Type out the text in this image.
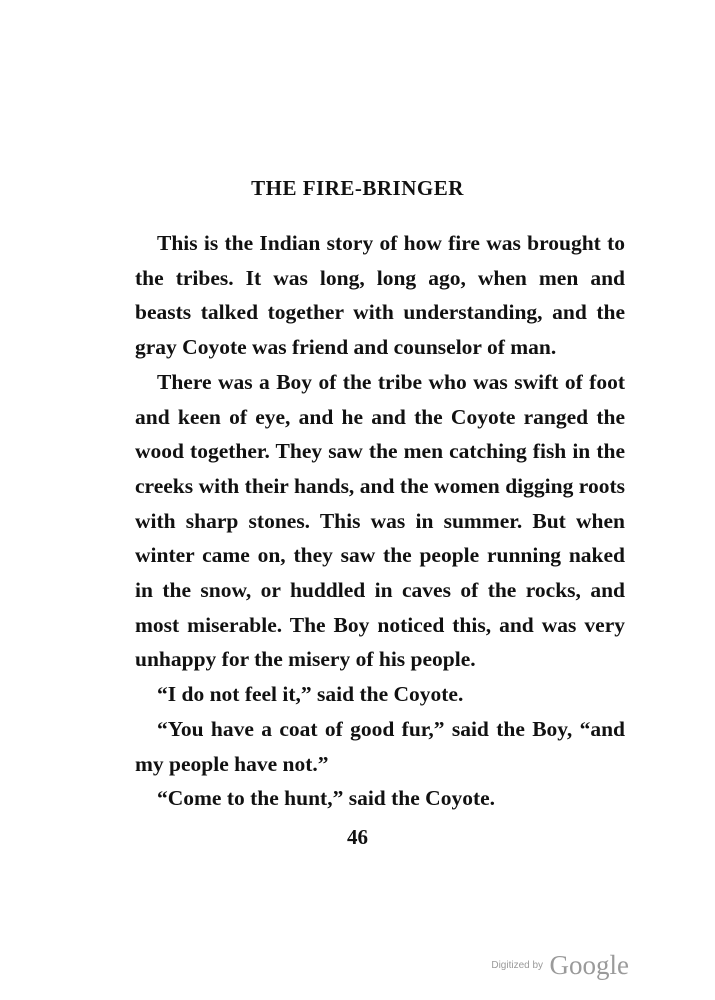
THE FIRE-BRINGER

This is the Indian story of how fire was brought to the tribes. It was long, long ago, when men and beasts talked together with understanding, and the gray Coyote was friend and counselor of man.

There was a Boy of the tribe who was swift of foot and keen of eye, and he and the Coyote ranged the wood together. They saw the men catching fish in the creeks with their hands, and the women digging roots with sharp stones. This was in summer. But when winter came on, they saw the people running naked in the snow, or huddled in caves of the rocks, and most miserable. The Boy noticed this, and was very unhappy for the misery of his people.

“I do not feel it,” said the Coyote.

“You have a coat of good fur,” said the Boy, “and my people have not.”

“Come to the hunt,” said the Coyote.

46
Digitized by Google
